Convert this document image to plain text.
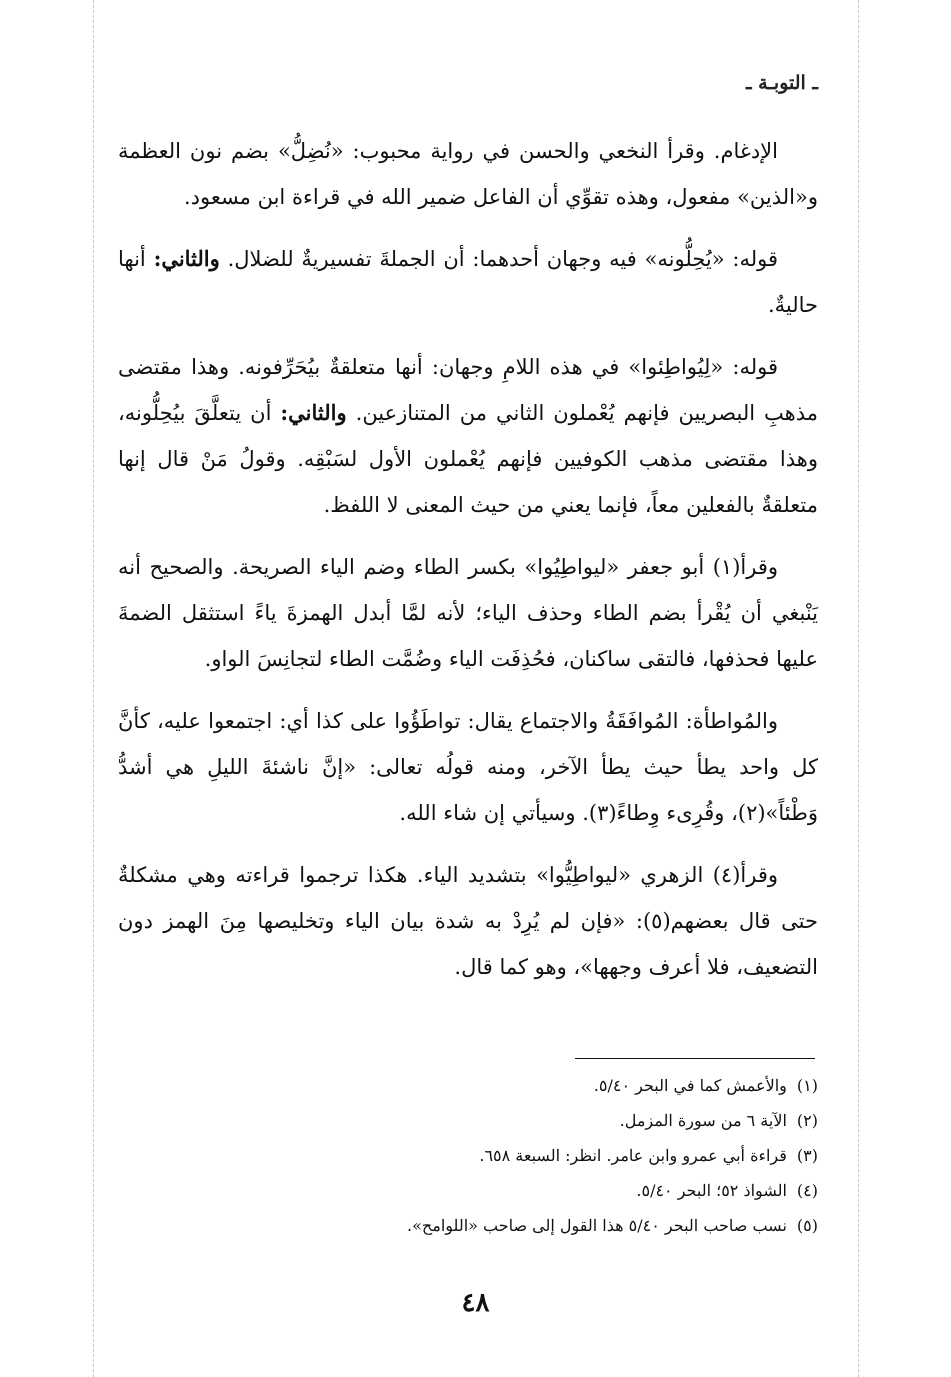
ـ التوبـة ـ

الإدغام. وقرأ النخعي والحسن في رواية محبوب: «نُضِلُّ» بضم نون العظمة و«الذين» مفعول، وهذه تقوِّي أن الفاعل ضمير الله في قراءة ابن مسعود.

قوله: «يُحِلُّونه» فيه وجهان أحدهما: أن الجملةَ تفسيريةٌ للضلال. والثاني: أنها حاليةٌ.

قوله: «لِيُواطِئوا» في هذه اللامِ وجهان: أنها متعلقةٌ بيُحَرِّفونه. وهذا مقتضى مذهبِ البصريين فإنهم يُعْملون الثاني من المتنازعين. والثاني: أن يتعلَّقَ بيُحِلُّونه، وهذا مقتضى مذهب الكوفيين فإنهم يُعْملون الأول لسَبْقِه. وقولُ مَنْ قال إنها متعلقةٌ بالفعلين معاً، فإنما يعني من حيث المعنى لا اللفظ.

وقرأ(١) أبو جعفر «ليواطِيُوا» بكسر الطاء وضم الياء الصريحة. والصحيح أنه يَنْبغي أن يُقْرأ بضم الطاء وحذف الياء؛ لأنه لمَّا أبدل الهمزةَ ياءً استثقل الضمةَ عليها فحذفها، فالتقى ساكنان، فحُذِفَت الياء وضُمَّت الطاء لتجانِسَ الواو.

والمُواطأة: المُوافَقَةُ والاجتماع يقال: تواطَؤُوا على كذا أي: اجتمعوا عليه، كأنَّ كل واحد يطأ حيث يطأ الآخر، ومنه قولُه تعالى: «إنَّ ناشئةَ الليلِ هي أشدُّ وَطْئاً»(٢)، وقُرِىء وِطاءً(٣). وسيأتي إن شاء الله.

وقرأ(٤) الزهري «ليواطِيُّوا» بتشديد الياء. هكذا ترجموا قراءته وهي مشكلةٌ حتى قال بعضهم(٥): «فإن لم يُرِدْ به شدة بيان الياء وتخليصها مِنَ الهمز دون التضعيف، فلا أعرف وجهها»، وهو كما قال.

(١)والأعمش كما في البحر ٥/٤٠.
(٢)الآية ٦ من سورة المزمل.
(٣)قراءة أبي عمرو وابن عامر. انظر: السبعة ٦٥٨.
(٤)الشواذ ٥٢؛ البحر ٥/٤٠.
(٥)نسب صاحب البحر ٥/٤٠ هذا القول إلى صاحب «اللوامح».
٤٨
